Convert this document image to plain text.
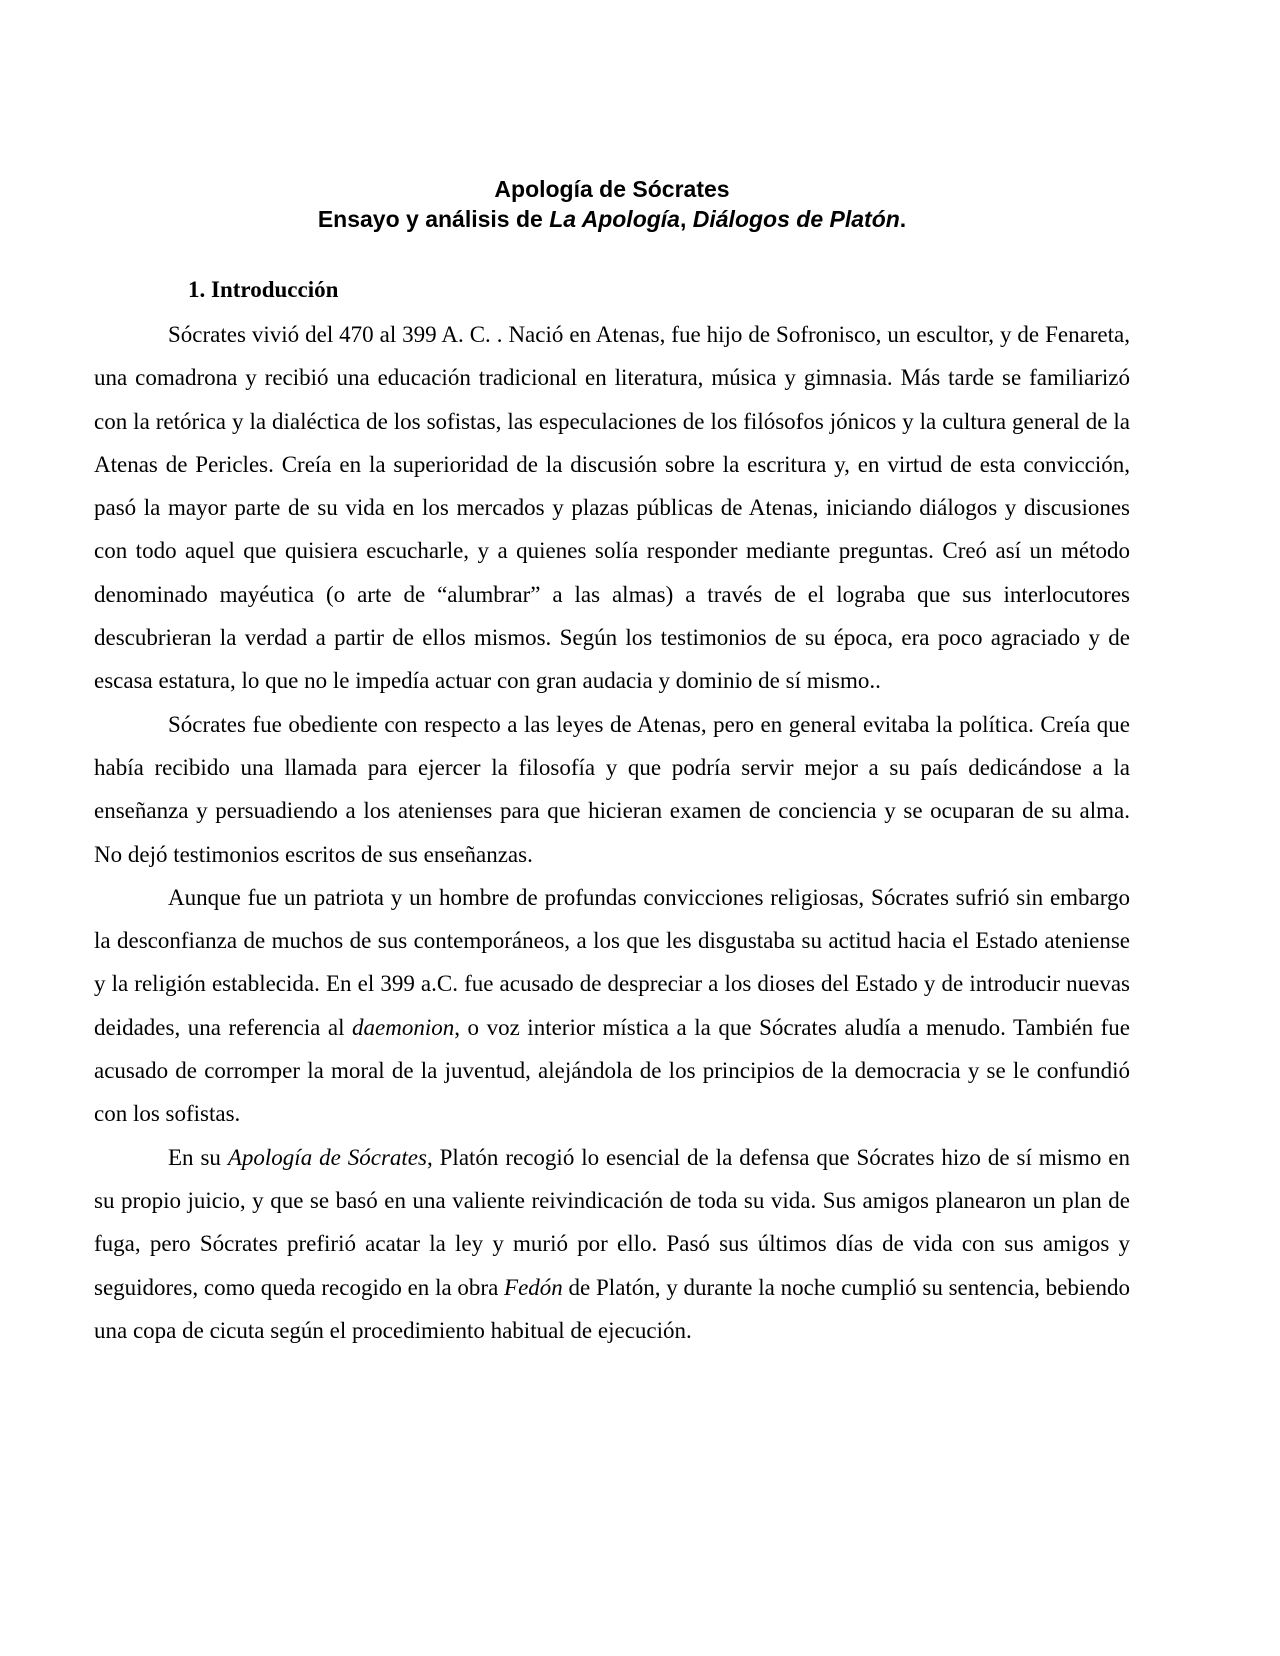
Apología de Sócrates
Ensayo y análisis de La Apología, Diálogos de Platón.
1. Introducción

Sócrates vivió del 470 al 399 A. C. . Nació en Atenas, fue hijo de Sofronisco, un escultor, y de Fenareta, una comadrona y recibió una educación tradicional en literatura, música y gimnasia. Más tarde se familiarizó con la retórica y la dialéctica de los sofistas, las especulaciones de los filósofos jónicos y la cultura general de la Atenas de Pericles. Creía en la superioridad de la discusión sobre la escritura y, en virtud de esta convicción, pasó la mayor parte de su vida en los mercados y plazas públicas de Atenas, iniciando diálogos y discusiones con todo aquel que quisiera escucharle, y a quienes solía responder mediante preguntas. Creó así un método denominado mayéutica (o arte de “alumbrar” a las almas) a través de el lograba que sus interlocutores descubrieran la verdad a partir de ellos mismos. Según los testimonios de su época, era poco agraciado y de escasa estatura, lo que no le impedía actuar con gran audacia y dominio de sí mismo..

Sócrates fue obediente con respecto a las leyes de Atenas, pero en general evitaba la política. Creía que había recibido una llamada para ejercer la filosofía y que podría servir mejor a su país dedicándose a la enseñanza y persuadiendo a los atenienses para que hicieran examen de conciencia y se ocuparan de su alma. No dejó testimonios escritos de sus enseñanzas.

Aunque fue un patriota y un hombre de profundas convicciones religiosas, Sócrates sufrió sin embargo la desconfianza de muchos de sus contemporáneos, a los que les disgustaba su actitud hacia el Estado ateniense y la religión establecida. En el 399 a.C. fue acusado de despreciar a los dioses del Estado y de introducir nuevas deidades, una referencia al daemonion, o voz interior mística a la que Sócrates aludía a menudo. También fue acusado de corromper la moral de la juventud, alejándola de los principios de la democracia y se le confundió con los sofistas.

En su Apología de Sócrates, Platón recogió lo esencial de la defensa que Sócrates hizo de sí mismo en su propio juicio, y que se basó en una valiente reivindicación de toda su vida. Sus amigos planearon un plan de fuga, pero Sócrates prefirió acatar la ley y murió por ello. Pasó sus últimos días de vida con sus amigos y seguidores, como queda recogido en la obra Fedón de Platón, y durante la noche cumplió su sentencia, bebiendo una copa de cicuta según el procedimiento habitual de ejecución.
